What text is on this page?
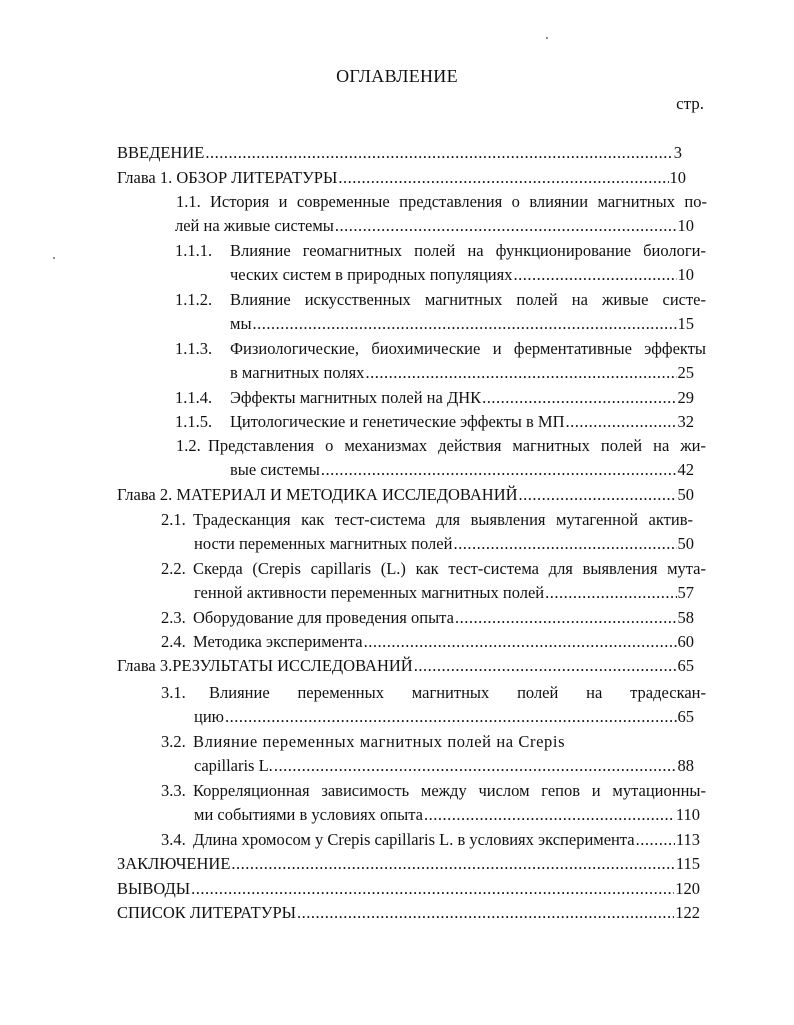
ОГЛАВЛЕНИЕ
стр.
ВВЕДЕНИЕ .....	3
Глава 1. ОБЗОР ЛИТЕРАТУРЫ .....	10
1.1. История и современные представления о влиянии магнитных по-
лей на живые системы .....	10
1.1.1. Влияние геомагнитных полей на функционирование биологи-
ческих систем в природных популяциях .....	10
1.1.2. Влияние искусственных магнитных полей на живые систе-
мы .....	15
1.1.3. Физиологические, биохимические и ферментативные эффекты
в магнитных полях .....	25
1.1.4. Эффекты магнитных полей на ДНК .....	29
1.1.5. Цитологические и генетические эффекты в МП .....	32
1.2. Представления о механизмах действия магнитных полей на жи-
вые системы .....	42
Глава 2. МАТЕРИАЛ И МЕТОДИКА ИССЛЕДОВАНИЙ .....	50
2.1. Традесканция как тест-система для выявления мутагенной актив-
ности переменных магнитных полей .....	50
2.2. Скерда (Crepis capillaris (L.) как тест-система для выявления мута-
генной активности переменных магнитных полей .....	57
2.3. Оборудование для проведения опыта .....	58
2.4. Методика эксперимента .....	60
Глава 3.РЕЗУЛЬТАТЫ ИССЛЕДОВАНИЙ .....	65
3.1. Влияние переменных магнитных полей на традескан-
цию .....	65
3.2. Влияние переменных магнитных полей на Crepis
capillaris L. .....	88
3.3. Корреляционная зависимость между числом гепов и мутационны-
ми событиями в условиях опыта .....	110
3.4. Длина хромосом у Crepis capillaris L. в условиях эксперимента .....	113
ЗАКЛЮЧЕНИЕ .....	115
ВЫВОДЫ .....	120
СПИСОК ЛИТЕРАТУРЫ .....	122
